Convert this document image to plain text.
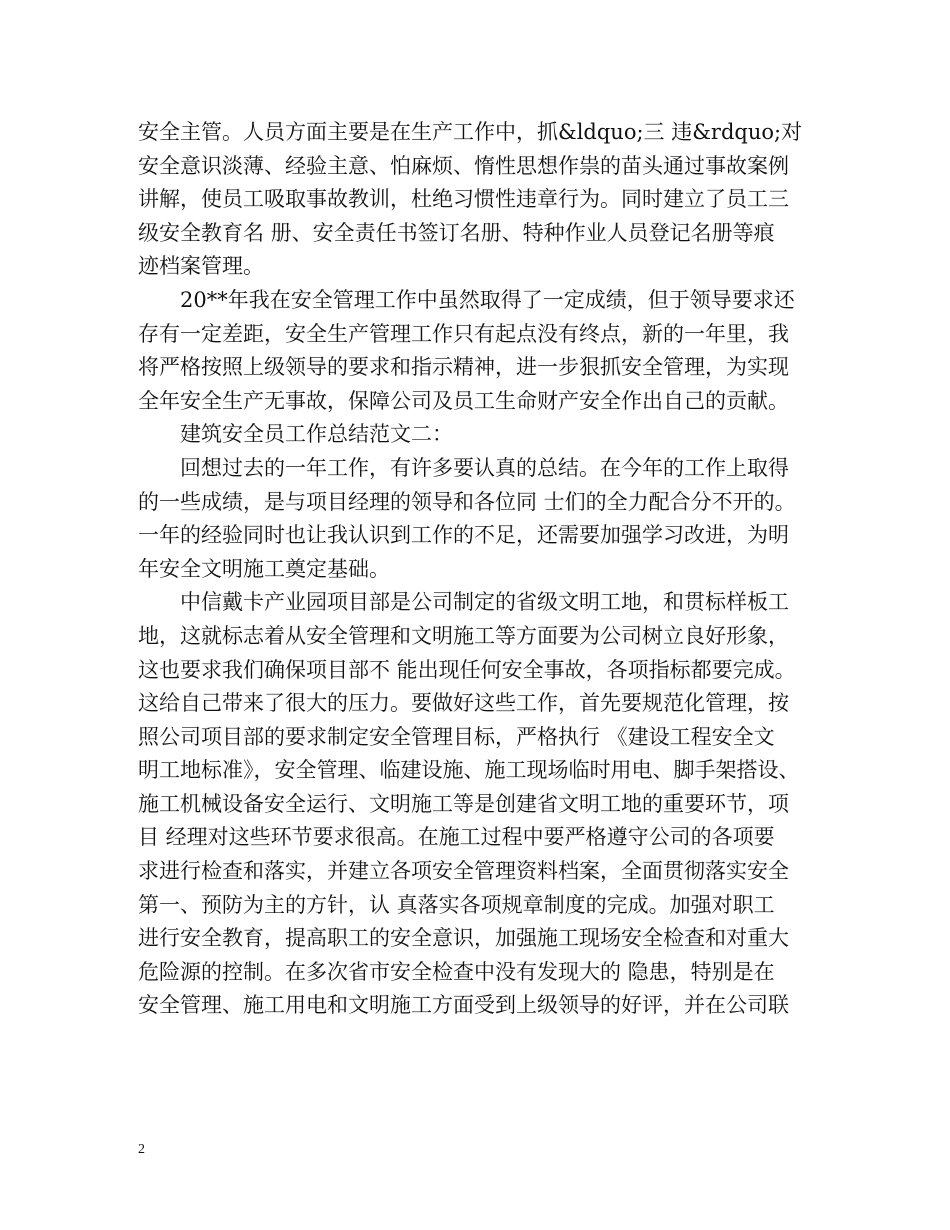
安全主管。人员方面主要是在生产工作中，抓&ldquo;三 违&rdquo;对
安全意识淡薄、经验主意、怕麻烦、惰性思想作祟的苗头通过事故案例
讲解，使员工吸取事故教训，杜绝习惯性违章行为。同时建立了员工三
级安全教育名 册、安全责任书签订名册、特种作业人员登记名册等痕
迹档案管理。
20**年我在安全管理工作中虽然取得了一定成绩，但于领导要求还
存有一定差距，安全生产管理工作只有起点没有终点，新的一年里，我
将严格按照上级领导的要求和指示精神，进一步狠抓安全管理，为实现
全年安全生产无事故，保障公司及员工生命财产安全作出自己的贡献。
建筑安全员工作总结范文二：
回想过去的一年工作，有许多要认真的总结。在今年的工作上取得
的一些成绩，是与项目经理的领导和各位同 士们的全力配合分不开的。
一年的经验同时也让我认识到工作的不足，还需要加强学习改进，为明
年安全文明施工奠定基础。
中信戴卡产业园项目部是公司制定的省级文明工地，和贯标样板工
地，这就标志着从安全管理和文明施工等方面要为公司树立良好形象，
这也要求我们确保项目部不 能出现任何安全事故，各项指标都要完成。
这给自己带来了很大的压力。要做好这些工作，首先要规范化管理，按
照公司项目部的要求制定安全管理目标，严格执行 《建设工程安全文
明工地标准》，安全管理、临建设施、施工现场临时用电、脚手架搭设、
施工机械设备安全运行、文明施工等是创建省文明工地的重要环节，项
目 经理对这些环节要求很高。在施工过程中要严格遵守公司的各项要
求进行检查和落实，并建立各项安全管理资料档案，全面贯彻落实安全
第一、预防为主的方针，认 真落实各项规章制度的完成。加强对职工
进行安全教育，提高职工的安全意识，加强施工现场安全检查和对重大
危险源的控制。在多次省市安全检查中没有发现大的 隐患，特别是在
安全管理、施工用电和文明施工方面受到上级领导的好评，并在公司联
2
